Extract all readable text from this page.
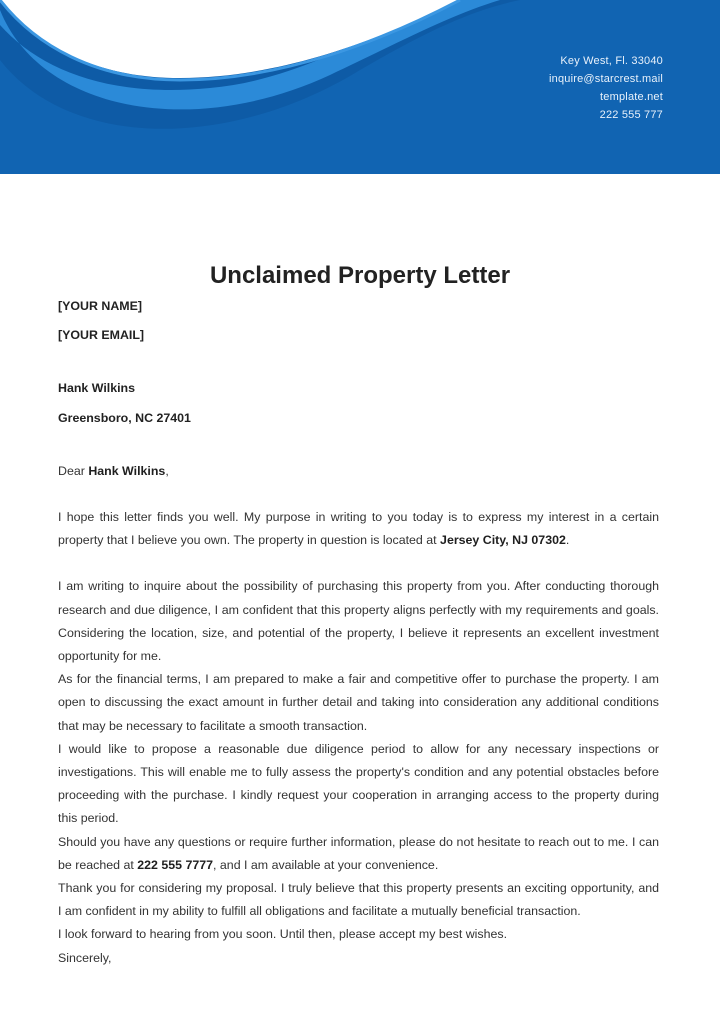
Key West, Fl. 33040
inquire@starcrest.mail
template.net
222 555 777
Unclaimed Property Letter

[YOUR NAME]

[YOUR EMAIL]

Hank Wilkins

Greensboro, NC 27401

Dear Hank Wilkins,

I hope this letter finds you well. My purpose in writing to you today is to express my interest in a certain property that I believe you own. The property in question is located at Jersey City, NJ 07302.

I am writing to inquire about the possibility of purchasing this property from you. After conducting thorough research and due diligence, I am confident that this property aligns perfectly with my requirements and goals. Considering the location, size, and potential of the property, I believe it represents an excellent investment opportunity for me.

As for the financial terms, I am prepared to make a fair and competitive offer to purchase the property. I am open to discussing the exact amount in further detail and taking into consideration any additional conditions that may be necessary to facilitate a smooth transaction.

I would like to propose a reasonable due diligence period to allow for any necessary inspections or investigations. This will enable me to fully assess the property's condition and any potential obstacles before proceeding with the purchase. I kindly request your cooperation in arranging access to the property during this period.

Should you have any questions or require further information, please do not hesitate to reach out to me. I can be reached at 222 555 7777, and I am available at your convenience.

Thank you for considering my proposal. I truly believe that this property presents an exciting opportunity, and I am confident in my ability to fulfill all obligations and facilitate a mutually beneficial transaction.

I look forward to hearing from you soon. Until then, please accept my best wishes.

Sincerely,
